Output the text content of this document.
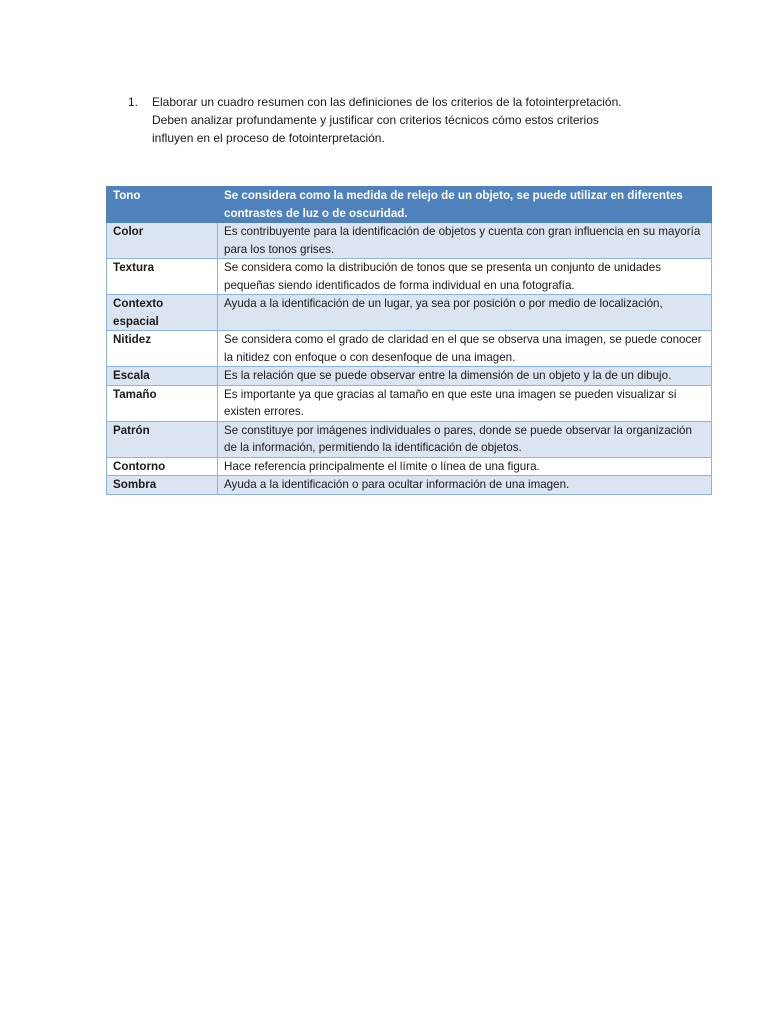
1.	Elaborar un cuadro resumen con las definiciones de los criterios de la fotointerpretación.
Deben analizar profundamente y justificar con criterios técnicos cómo estos criterios
influyen en el proceso de fotointerpretación.
Tono	Se considera como la medida de relejo de un objeto, se puede utilizar en diferentes contrastes de luz o de oscuridad.
Color	Es contribuyente para la identificación de objetos y cuenta con gran influencia en su mayoría para los tonos grises.
Textura	Se considera como la distribución de tonos que se presenta un conjunto de unidades pequeñas siendo identificados de forma individual en una fotografía.
Contexto espacial	Ayuda a la identificación de un lugar, ya sea por posición o por medio de localización,
Nitidez	Se considera como el grado de claridad en el que se observa una imagen, se puede conocer la nitidez con enfoque o con desenfoque de una imagen.
Escala	Es la relación que se puede observar entre la dimensión de un objeto y la de un dibujo.
Tamaño	Es importante ya que gracias al tamaño en que este una imagen se pueden visualizar si existen errores.
Patrón	Se constituye por imágenes individuales o pares, donde se puede observar la organización de la información, permitiendo la identificación de objetos.
Contorno	Hace referencia principalmente el límite o línea de una figura.
Sombra	Ayuda a la identificación o para ocultar información de una imagen.
